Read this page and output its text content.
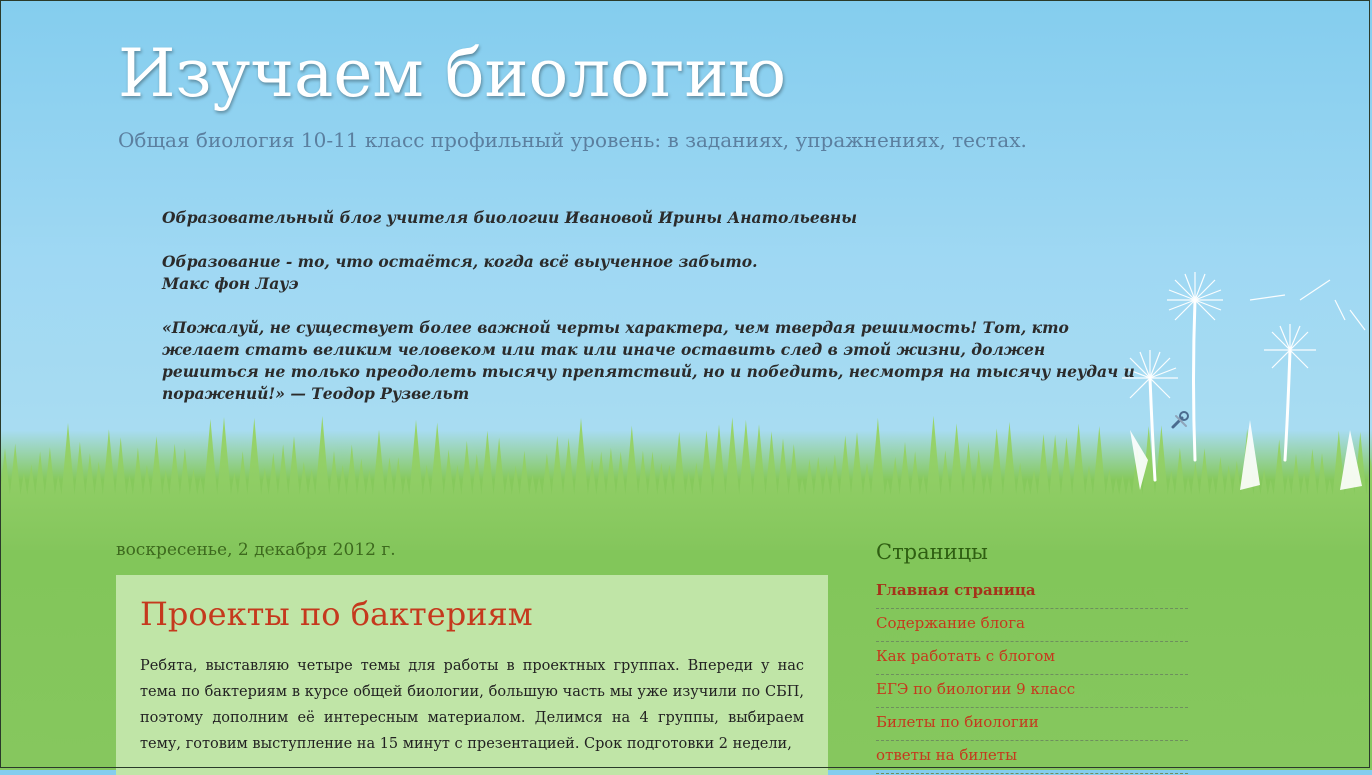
Изучаем биологию
Общая биология 10-11 класс профильный уровень: в заданиях, упражнениях, тестах.

Образовательный блог учителя биологии Ивановой Ирины Анатольевны

Образование - то, что остаётся, когда всё выученное забыто.
Макс фон Лауэ

«Пожалуй, не существует более важной черты характера, чем твердая решимость! Тот, кто желает стать великим человеком или так или иначе оставить след в этой жизни, должен решиться не только преодолеть тысячу препятствий, но и победить, несмотря на тысячу неудач и поражений!» — Теодор Рузвельт

воскресенье, 2 декабря 2012 г.
Проекты по бактериям
Ребята, выставляю четыре темы для работы в проектных группах. Впереди у нас тема по бактериям в курсе общей биологии, большую часть мы уже изучили по СБП, поэтому дополним её интересным материалом. Делимся на 4 группы, выбираем тему, готовим выступление на 15 минут с презентацией. Срок подготовки 2 недели,
Страницы
Главная страница
Содержание блога
Как работать с блогом
ЕГЭ по биологии 9 класс
Билеты по биологии
ответы на билеты
